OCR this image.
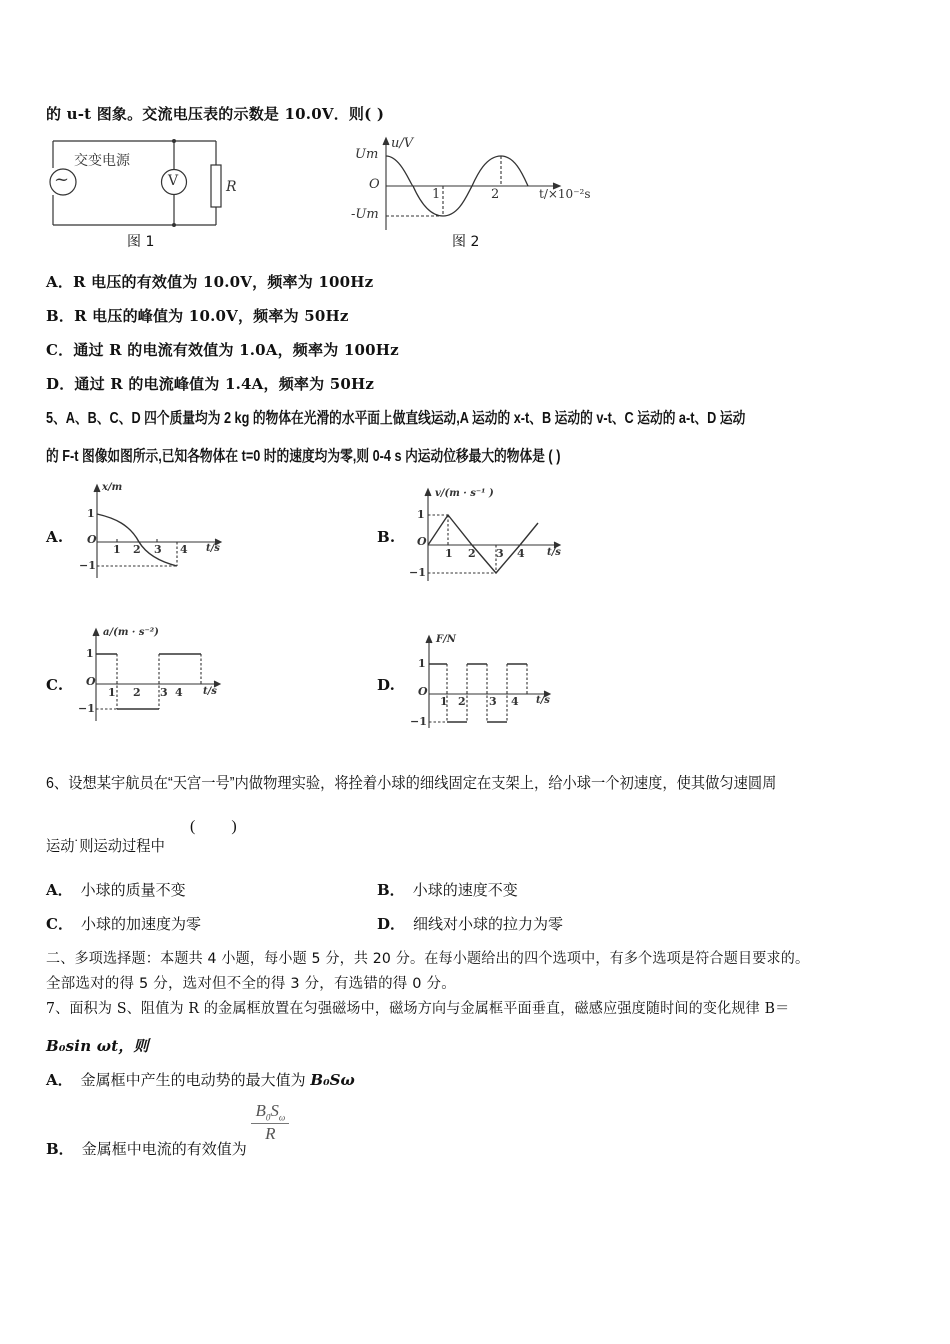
的 u-t 图象。交流电压表的示数是 10.0V．则( )
~
交变电源
V	R
图 1
Um
u/V
O
1	2	t/×10⁻²s
-Um
图 2
A．R 电压的有效值为 10.0V，频率为 100Hz
B．R 电压的峰值为 10.0V，频率为 50Hz
C．通过 R 的电流有效值为 1.0A，频率为 100Hz
D．通过 R 的电流峰值为 1.4A，频率为 50Hz
5、A、B、C、D 四个质量均为 2 kg 的物体在光滑的水平面上做直线运动,A 运动的 x-t、B 运动的 v-t、C 运动的 a-t、D 运动
的 F-t 图像如图所示,已知各物体在 t=0 时的速度均为零,则 0-4 s 内运动位移最大的物体是 ( )
A.
x/m
1
O
1 2 3 4 t/s
−1
B.
v/(m · s⁻¹ )
1
O
1 2 3 4 t/s
−1
C.
a/(m · s⁻²)
1
O
1 2 3 4 t/s
−1
D.
F/N
1
O
1 2 3 4 t/s
−1
6、设想某宇航员在“天宫一号”内做物理实验，将拴着小球的细线固定在支架上，给小球一个初速度，使其做匀速圆周
运动˙则运动过程中
(         )
A． 小球的质量不变	B． 小球的速度不变
C． 小球的加速度为零	D． 细线对小球的拉力为零
二、多项选择题：本题共 4 小题，每小题 5 分，共 20 分。在每小题给出的四个选项中，有多个选项是符合题目要求的。
全部选对的得 5 分，选对但不全的得 3 分，有选错的得 0 分。
7、面积为 S、阻值为 R 的金属框放置在匀强磁场中，磁场方向与金属框平面垂直，磁感应强度随时间的变化规律 B＝
B₀sin ωt，则
A． 金属框中产生的电动势的最大值为 B₀Sω
B． 金属框中电流的有效值为
$\frac{B_0S_\omega}{R}$
